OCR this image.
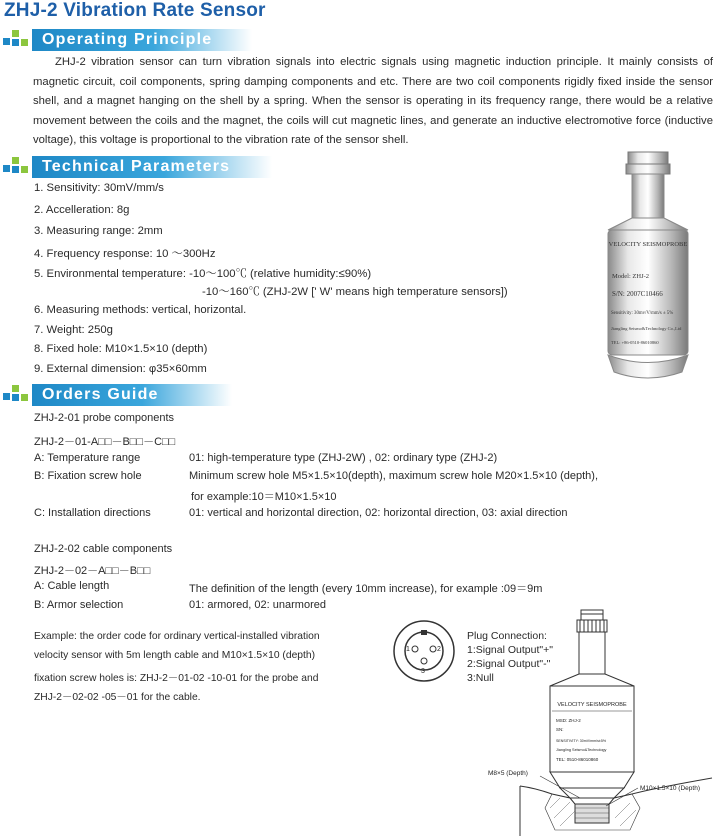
ZHJ-2 Vibration Rate Sensor
Operating Principle
ZHJ-2 vibration sensor can turn vibration signals into electric signals using magnetic induction principle. It mainly consists of magnetic circuit, coil components, spring damping components and etc. There are two coil components rigidly fixed inside the sensor shell, and a magnet hanging on the shell by a spring. When the sensor is operating in its frequency range, there would be a relative movement between the coils and the magnet, the coils will cut magnetic lines, and generate an inductive electromotive force (inductive voltage), this voltage is proportional to the vibration rate of the sensor shell.
Technical Parameters
1. Sensitivity: 30mV/mm/s
2. Accelleration: 8g
3. Measuring range: 2mm
4. Frequency response: 10 ～300Hz
5. Environmental temperature: -10～100℃ (relative humidity:≤90%)
-10～160℃ (ZHJ-2W [' W' means high temperature sensors])
6. Measuring methods: vertical, horizontal.
7. Weight: 250g
8. Fixed hole: M10×1.5×10 (depth)
9. External dimension: φ35×60mm
VELOCITY SEISMOPROBE
Model: ZHJ-2
S/N: 2007C10466
Sensitivity: 30mv/V/mm/s ± 5%
Jiangling Seismo&Technology Co.,Ltd
TEL: +86-0510-86010860
Orders Guide
ZHJ-2-01 probe components
ZHJ-2－01-A□□－B□□－C□□
A: Temperature range	01: high-temperature type (ZHJ-2W) , 02: ordinary type (ZHJ-2)
B: Fixation screw hole	Minimum screw hole M5×1.5×10(depth), maximum screw hole M20×1.5×10 (depth),
for example:10＝M10×1.5×10
C: Installation directions	01: vertical and horizontal direction, 02: horizontal direction, 03: axial direction
ZHJ-2-02 cable components
ZHJ-2－02－A□□－B□□
A: Cable length	The definition of the length (every 10mm increase), for example :09＝9m
B: Armor selection	01: armored, 02: unarmored
Example: the order code for ordinary vertical-installed vibration
velocity sensor with 5m length cable and M10×1.5×10 (depth)
fixation screw holes is: ZHJ-2－01-02 -10-01 for the probe and
ZHJ-2－02-02 -05－01 for the cable.
1	2
3
Plug Connection:
1:Signal Output"+"
2:Signal Output"-"
3:Null
VELOCITY SEISMOPROBE
MSD: ZHJ-2
SN:
SENSITIVITY: 30mV/mm/s±5%
Jiangling Seismo&Technology
TEL: 0510-86010860
M8×5 (Depth)
M10×1.5×10 (Depth)
